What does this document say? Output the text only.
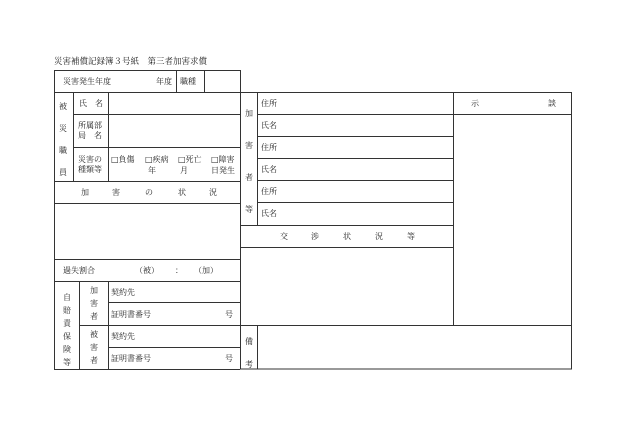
災害補償記録簿３号紙　第三者加害求償
災害発生年度	年度 職種
被
災
職
員
氏　名
所属部
局　名
災害の
種類等
□負傷 □疾病 □死亡 □障害
年	月	日発生
加	害	の	状	況
過失割合	（被） ： （加）
自
賠
責
保
険
等
加
害
者
被
害
者
契約先
証明書番号	号
契約先
証明書番号	号
加
害
者
等
住所
氏名
住所
氏名
住所
氏名
示	談
交	渉	状	況	等
備
考
